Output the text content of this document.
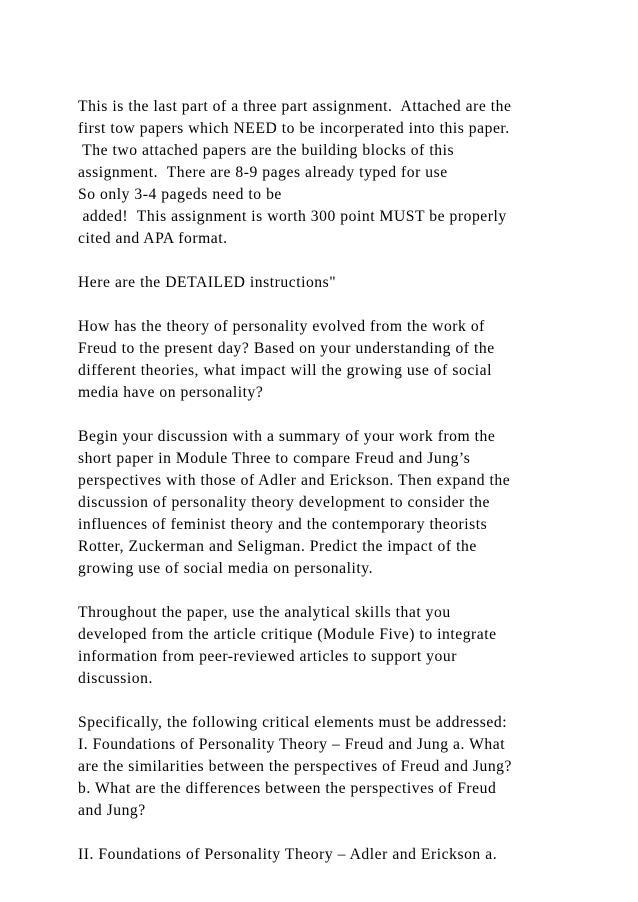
This is the last part of a three part assignment.  Attached are the
first tow papers which NEED to be incorperated into this paper.
The two attached papers are the building blocks of this
assignment.  There are 8-9 pages already typed for use
So only 3-4 pageds need to be
added!  This assignment is worth 300 point MUST be properly
cited and APA format.
Here are the DETAILED instructions"
How has the theory of personality evolved from the work of
Freud to the present day? Based on your understanding of the
different theories, what impact will the growing use of social
media have on personality?
Begin your discussion with a summary of your work from the
short paper in Module Three to compare Freud and Jung’s
perspectives with those of Adler and Erickson. Then expand the
discussion of personality theory development to consider the
influences of feminist theory and the contemporary theorists
Rotter, Zuckerman and Seligman. Predict the impact of the
growing use of social media on personality.
Throughout the paper, use the analytical skills that you
developed from the article critique (Module Five) to integrate
information from peer-reviewed articles to support your
discussion.
Specifically, the following critical elements must be addressed:
I. Foundations of Personality Theory – Freud and Jung a. What
are the similarities between the perspectives of Freud and Jung?
b. What are the differences between the perspectives of Freud
and Jung?
II. Foundations of Personality Theory – Adler and Erickson a.
